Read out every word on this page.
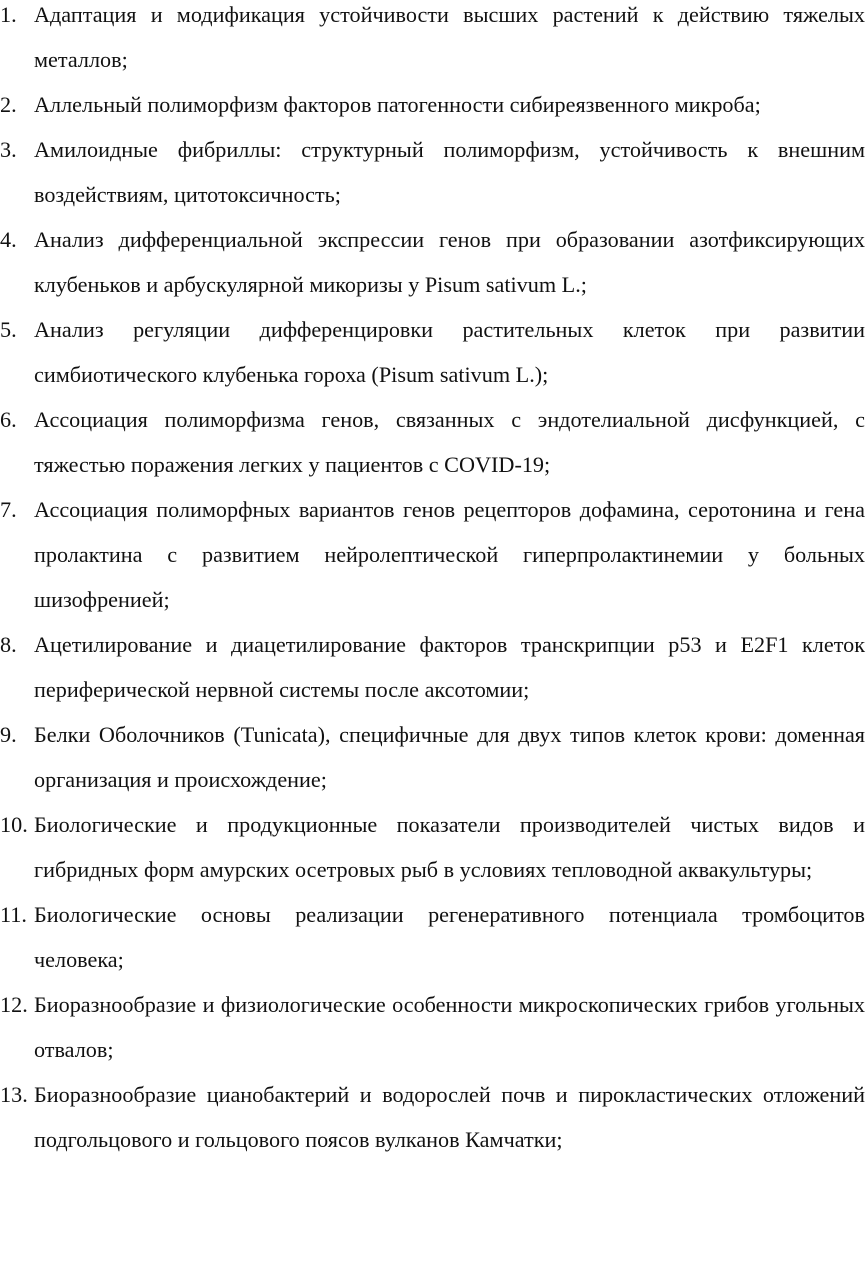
1. Адаптация и модификация устойчивости высших растений к действию тяжелых металлов;
2. Аллельный полиморфизм факторов патогенности сибиреязвенного микроба;
3. Амилоидные фибриллы: структурный полиморфизм, устойчивость к внешним воздействиям, цитотоксичность;
4. Анализ дифференциальной экспрессии генов при образовании азотфиксирующих клубеньков и арбускулярной микоризы у Pisum sativum L.;
5. Анализ регуляции дифференцировки растительных клеток при развитии симбиотического клубенька гороха (Pisum sativum L.);
6. Ассоциация полиморфизма генов, связанных с эндотелиальной дисфункцией, с тяжестью поражения легких у пациентов с COVID-19;
7. Ассоциация полиморфных вариантов генов рецепторов дофамина, серотонина и гена пролактина с развитием нейролептической гиперпролактинемии у больных шизофренией;
8. Ацетилирование и диацетилирование факторов транскрипции p53 и E2F1 клеток периферической нервной системы после аксотомии;
9. Белки Оболочников (Tunicata), специфичные для двух типов клеток крови: доменная организация и происхождение;
10. Биологические и продукционные показатели производителей чистых видов и гибридных форм амурских осетровых рыб в условиях тепловодной аквакультуры;
11. Биологические основы реализации регенеративного потенциала тромбоцитов человека;
12. Биоразнообразие и физиологические особенности микроскопических грибов угольных отвалов;
13. Биоразнообразие цианобактерий и водорослей почв и пирокластических отложений подгольцового и гольцового поясов вулканов Камчатки;
